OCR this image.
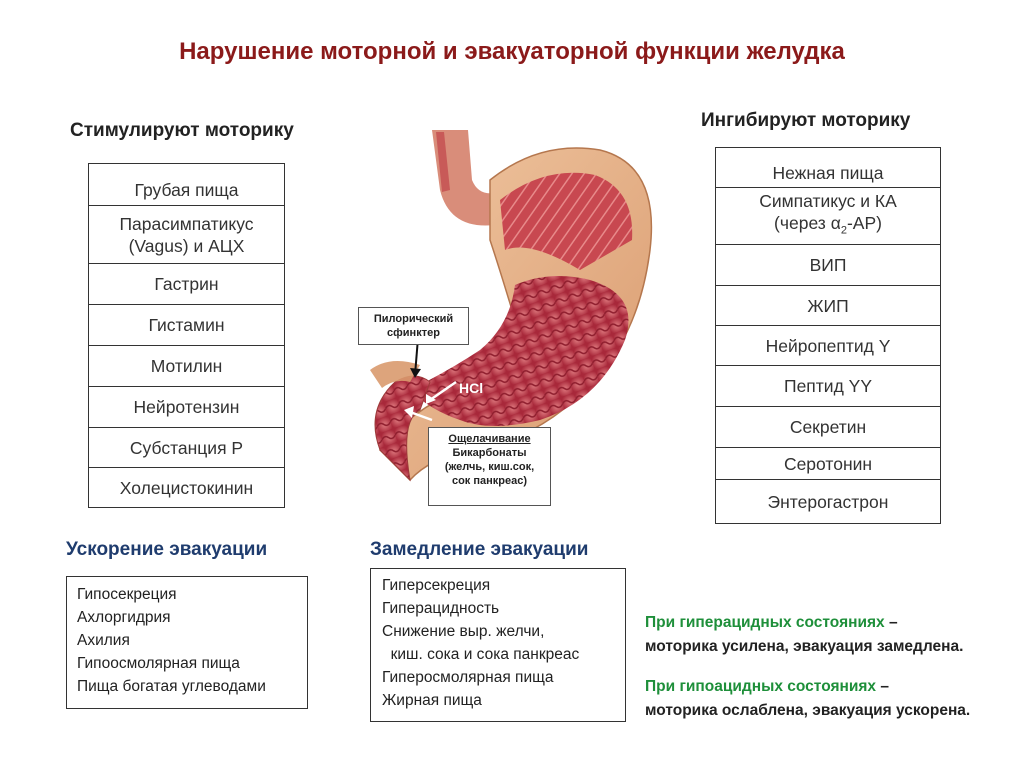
Нарушение моторной и эвакуаторной функции желудка
Стимулируют моторику
Грубая пища
Парасимпатикус
(Vagus) и АЦХ
Гастрин
Гистамин
Мотилин
Нейротензин
Субстанция Р
Холецистокинин
Ингибируют моторику
Нежная пища
Симпатикус и КА
(через $\alpha_2-АР$)
ВИП
ЖИП
Нейропептид Y
Пептид YY
Секретин
Серотонин
Энтерогастрон
HCl
Пилорический
сфинктер
Ощелачивание
Бикарбонаты
(желчь, киш.сок,
сок панкреас)
Ускорение эвакуации
Гипосекреция
Ахлоргидрия
Ахилия
Гипоосмолярная пища
Пища богатая углеводами
Замедление эвакуации
Гиперсекреция
Гиперацидность
Снижение выр. желчи,
киш. сока и сока панкреас
Гиперосмолярная пища
Жирная пища
При гиперацидных состояниях –
моторика усилена, эвакуация замедлена.
При гипоацидных состояниях –
моторика ослаблена, эвакуация ускорена.
